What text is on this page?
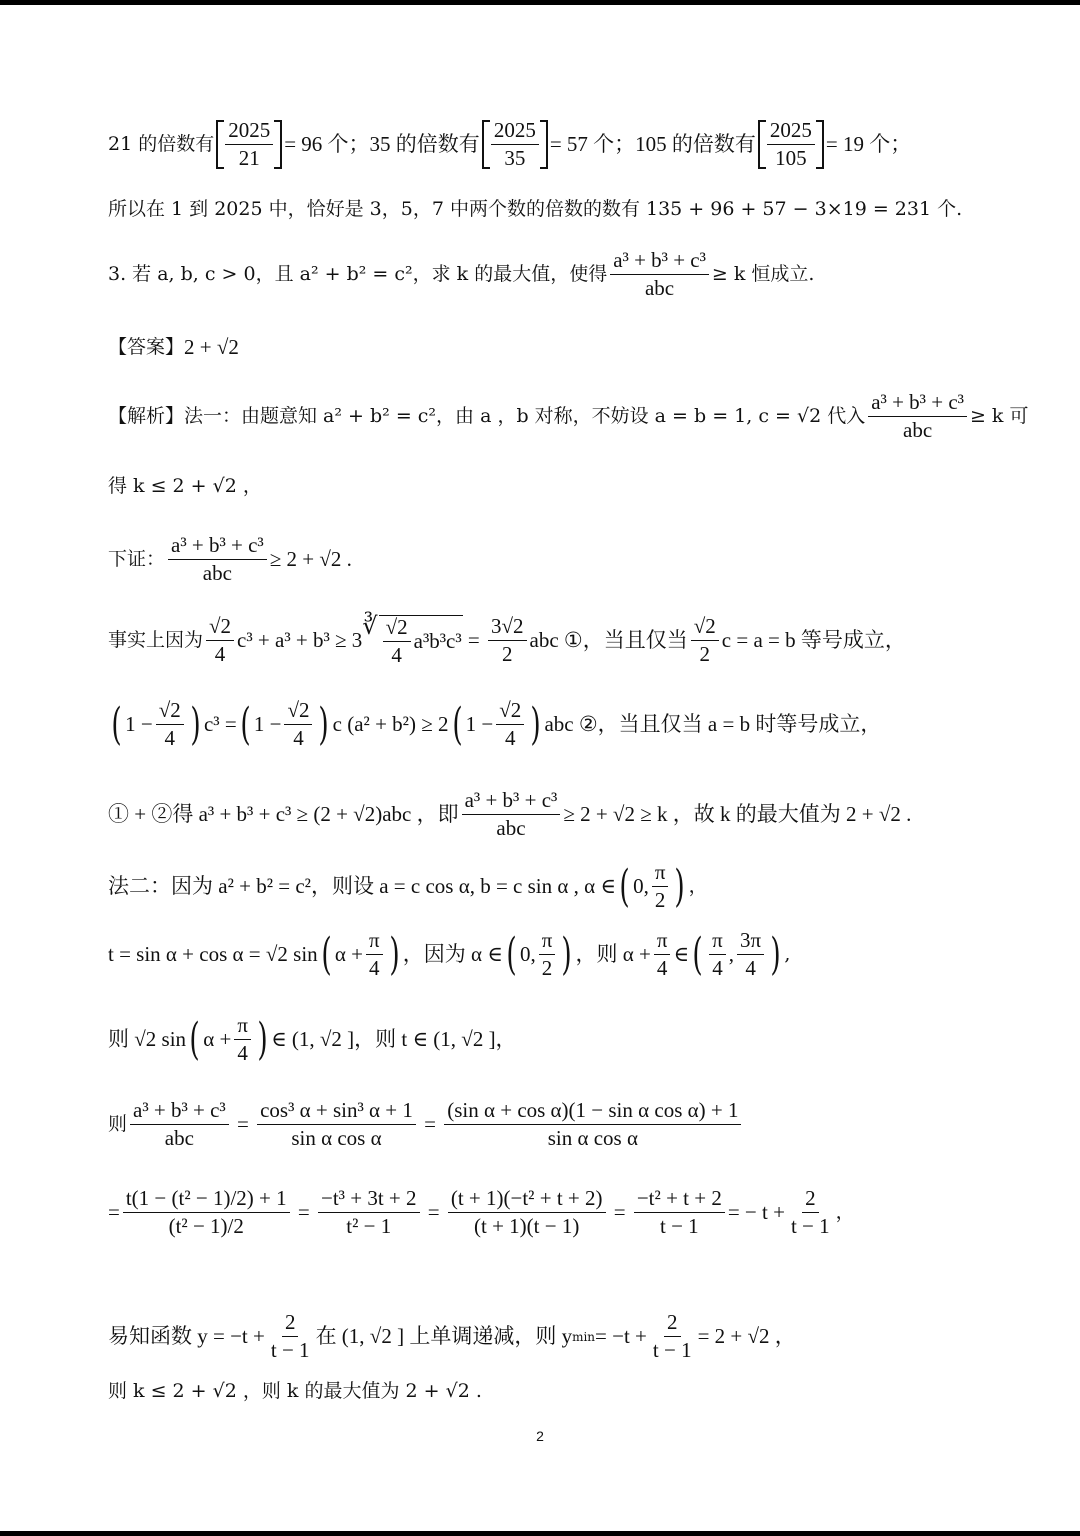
21 的倍数有 $\frac{2025}{21} = 96$ 个；35 的倍数有 $\frac{2025}{35} = 57$ 个；105 的倍数有 $\frac{2025}{105} = 19$ 个；
所以在 1 到 2025 中，恰好是 3，5，7 中两个数的倍数的数有 135 + 96 + 57 − 3×19 = 231 个.
3. 若 a, b, c > 0，且 a² + b² = c²，求 k 的最大值，使得 $\frac{\text{a³ + b³ + c³}}{\text{abc}} \ge k$ 恒成立.
【答案】 2 + √2
【解析】 法一：由题意知 a² + b² = c²，由 a ，b 对称，不妨设 a = b = 1, c = √2 代入 $\frac{\text{a³ + b³ + c³}}{\text{abc}} \ge k$ 可
得 k ≤ 2 + √2 ，
下证： $\frac{\text{a³ + b³ + c³}}{\text{abc}} \ge 2 + √2$ .
事实上因为 $\frac{√2}{4} c^3 + a^3 + b^3 \ge 3$ ∛ $\frac{√2}{4} a^3b^3c^3 = \frac{3√2}{2}$ abc ①，当且仅当 $\frac{√2}{2}$ c = a = b 等号成立，
( $1 - \frac{√2}{4}$ ) c³ = ( $1 - \frac{√2}{4}$ ) c (a² + b²) ≥ 2 ( $1 - \frac{√2}{4}$ ) abc ②，当且仅当 a = b 时等号成立，
① + ②得 a³ + b³ + c³ ≥ (2 + √2)abc ，即 $\frac{\text{a³ + b³ + c³}}{\text{abc}} \ge 2 + √2 \ge k$ ，故 k 的最大值为 2 + √2 .
法二：因为 a² + b² = c²，则设 a = c cos α, b = c sin α , α ∈ ( 0, $\frac{\pi}{2}$ ) ，
t = sin α + cos α = √2 sin ( $\alpha + \frac{\pi}{4}$ ) ，因为 α ∈ ( 0, $\frac{\pi}{2}$ ) ，则 $\alpha + \frac{\pi}{4}$ ∈ ( $\frac{\pi}{4}$ , $\frac{3\pi}{4}$ ) ,
则 √2 sin ( $\alpha + \frac{\pi}{4}$ ) ∈ (1, √2 ]，则 t ∈ (1, √2 ]，
则 $\frac{\text{a³ + b³ + c³}}{\text{abc}} = \frac{\text{cos³ α + sin³ α + 1}}{\text{sin α cos α}} = \frac{\text{(sin α + cos α)(1 − sin α cos α) + 1}}{\text{sin α cos α}}$
= $\frac{\text{t(1 − (t² − 1)/2) + 1}}{\text{(t² − 1)/2}} = \frac{\text{−t³ + 3t + 2}}{\text{t² − 1}} = \frac{\text{(t + 1)(−t² + t + 2)}}{(t + 1)(t - 1)} = \frac{\text{−t² + t + 2}}{t - 1}$ = − $t + \frac{2}{t - 1}$ ，
易知函数 $y = -t + \frac{2}{t - 1}$ 在 (1, √2 ] 上单调递减，则 y $\min = -t + \frac{2}{t - 1} = 2 + √2$ ，
则 k ≤ 2 + √2 ，则 k 的最大值为 2 + √2 .
2
